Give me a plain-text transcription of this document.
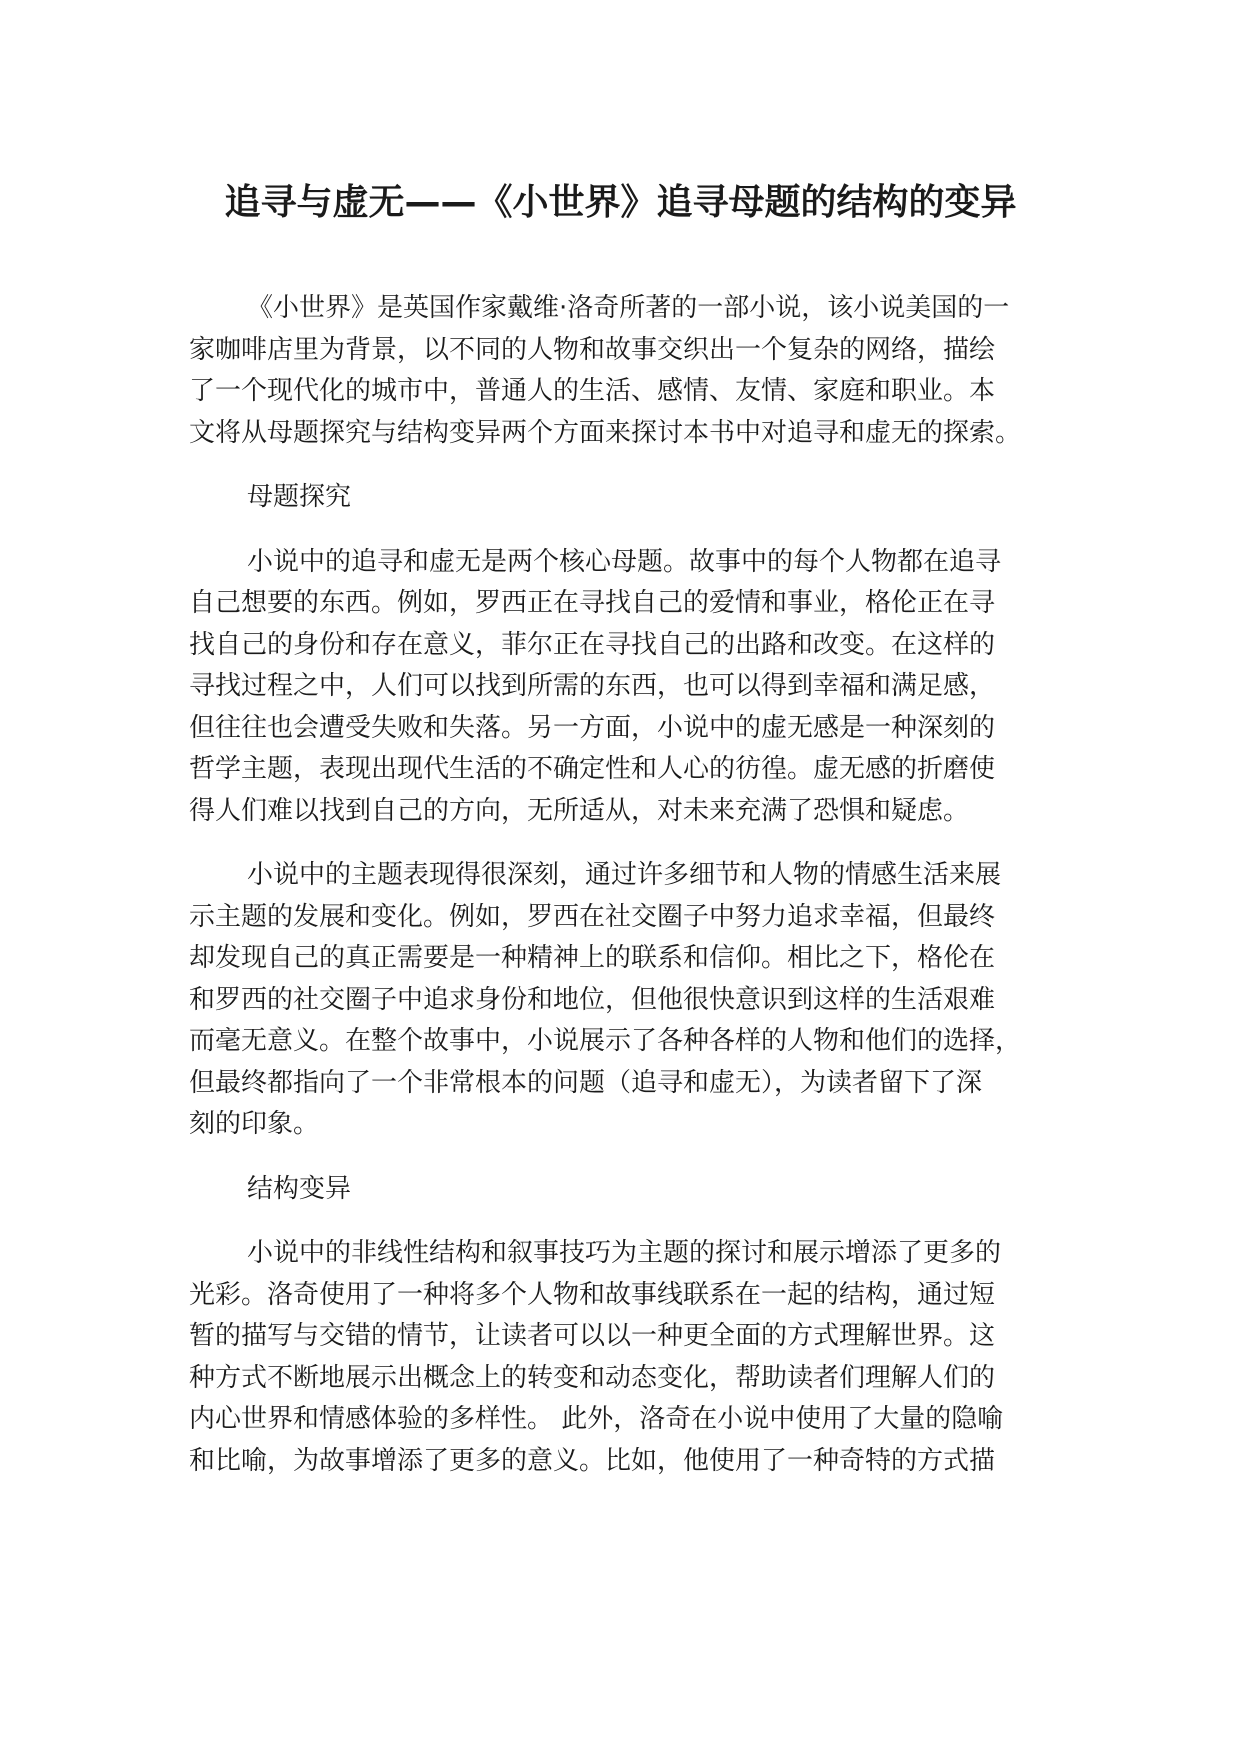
追寻与虚无——《小世界》追寻母题的结构的变异

《小世界》是英国作家戴维·洛奇所著的一部小说，该小说美国的一
家咖啡店里为背景，以不同的人物和故事交织出一个复杂的网络，描绘
了一个现代化的城市中，普通人的生活、感情、友情、家庭和职业。本
文将从母题探究与结构变异两个方面来探讨本书中对追寻和虚无的探索。

母题探究

小说中的追寻和虚无是两个核心母题。故事中的每个人物都在追寻
自己想要的东西。例如，罗西正在寻找自己的爱情和事业，格伦正在寻
找自己的身份和存在意义，菲尔正在寻找自己的出路和改变。在这样的
寻找过程之中，人们可以找到所需的东西，也可以得到幸福和满足感，
但往往也会遭受失败和失落。另一方面，小说中的虚无感是一种深刻的
哲学主题，表现出现代生活的不确定性和人心的彷徨。虚无感的折磨使
得人们难以找到自己的方向，无所适从，对未来充满了恐惧和疑虑。

小说中的主题表现得很深刻，通过许多细节和人物的情感生活来展
示主题的发展和变化。例如，罗西在社交圈子中努力追求幸福，但最终
却发现自己的真正需要是一种精神上的联系和信仰。相比之下，格伦在
和罗西的社交圈子中追求身份和地位，但他很快意识到这样的生活艰难
而毫无意义。在整个故事中，小说展示了各种各样的人物和他们的选择，
但最终都指向了一个非常根本的问题（追寻和虚无），为读者留下了深
刻的印象。

结构变异

小说中的非线性结构和叙事技巧为主题的探讨和展示增添了更多的
光彩。洛奇使用了一种将多个人物和故事线联系在一起的结构，通过短
暂的描写与交错的情节，让读者可以以一种更全面的方式理解世界。这
种方式不断地展示出概念上的转变和动态变化，帮助读者们理解人们的
内心世界和情感体验的多样性。 此外，洛奇在小说中使用了大量的隐喻
和比喻，为故事增添了更多的意义。比如，他使用了一种奇特的方式描
